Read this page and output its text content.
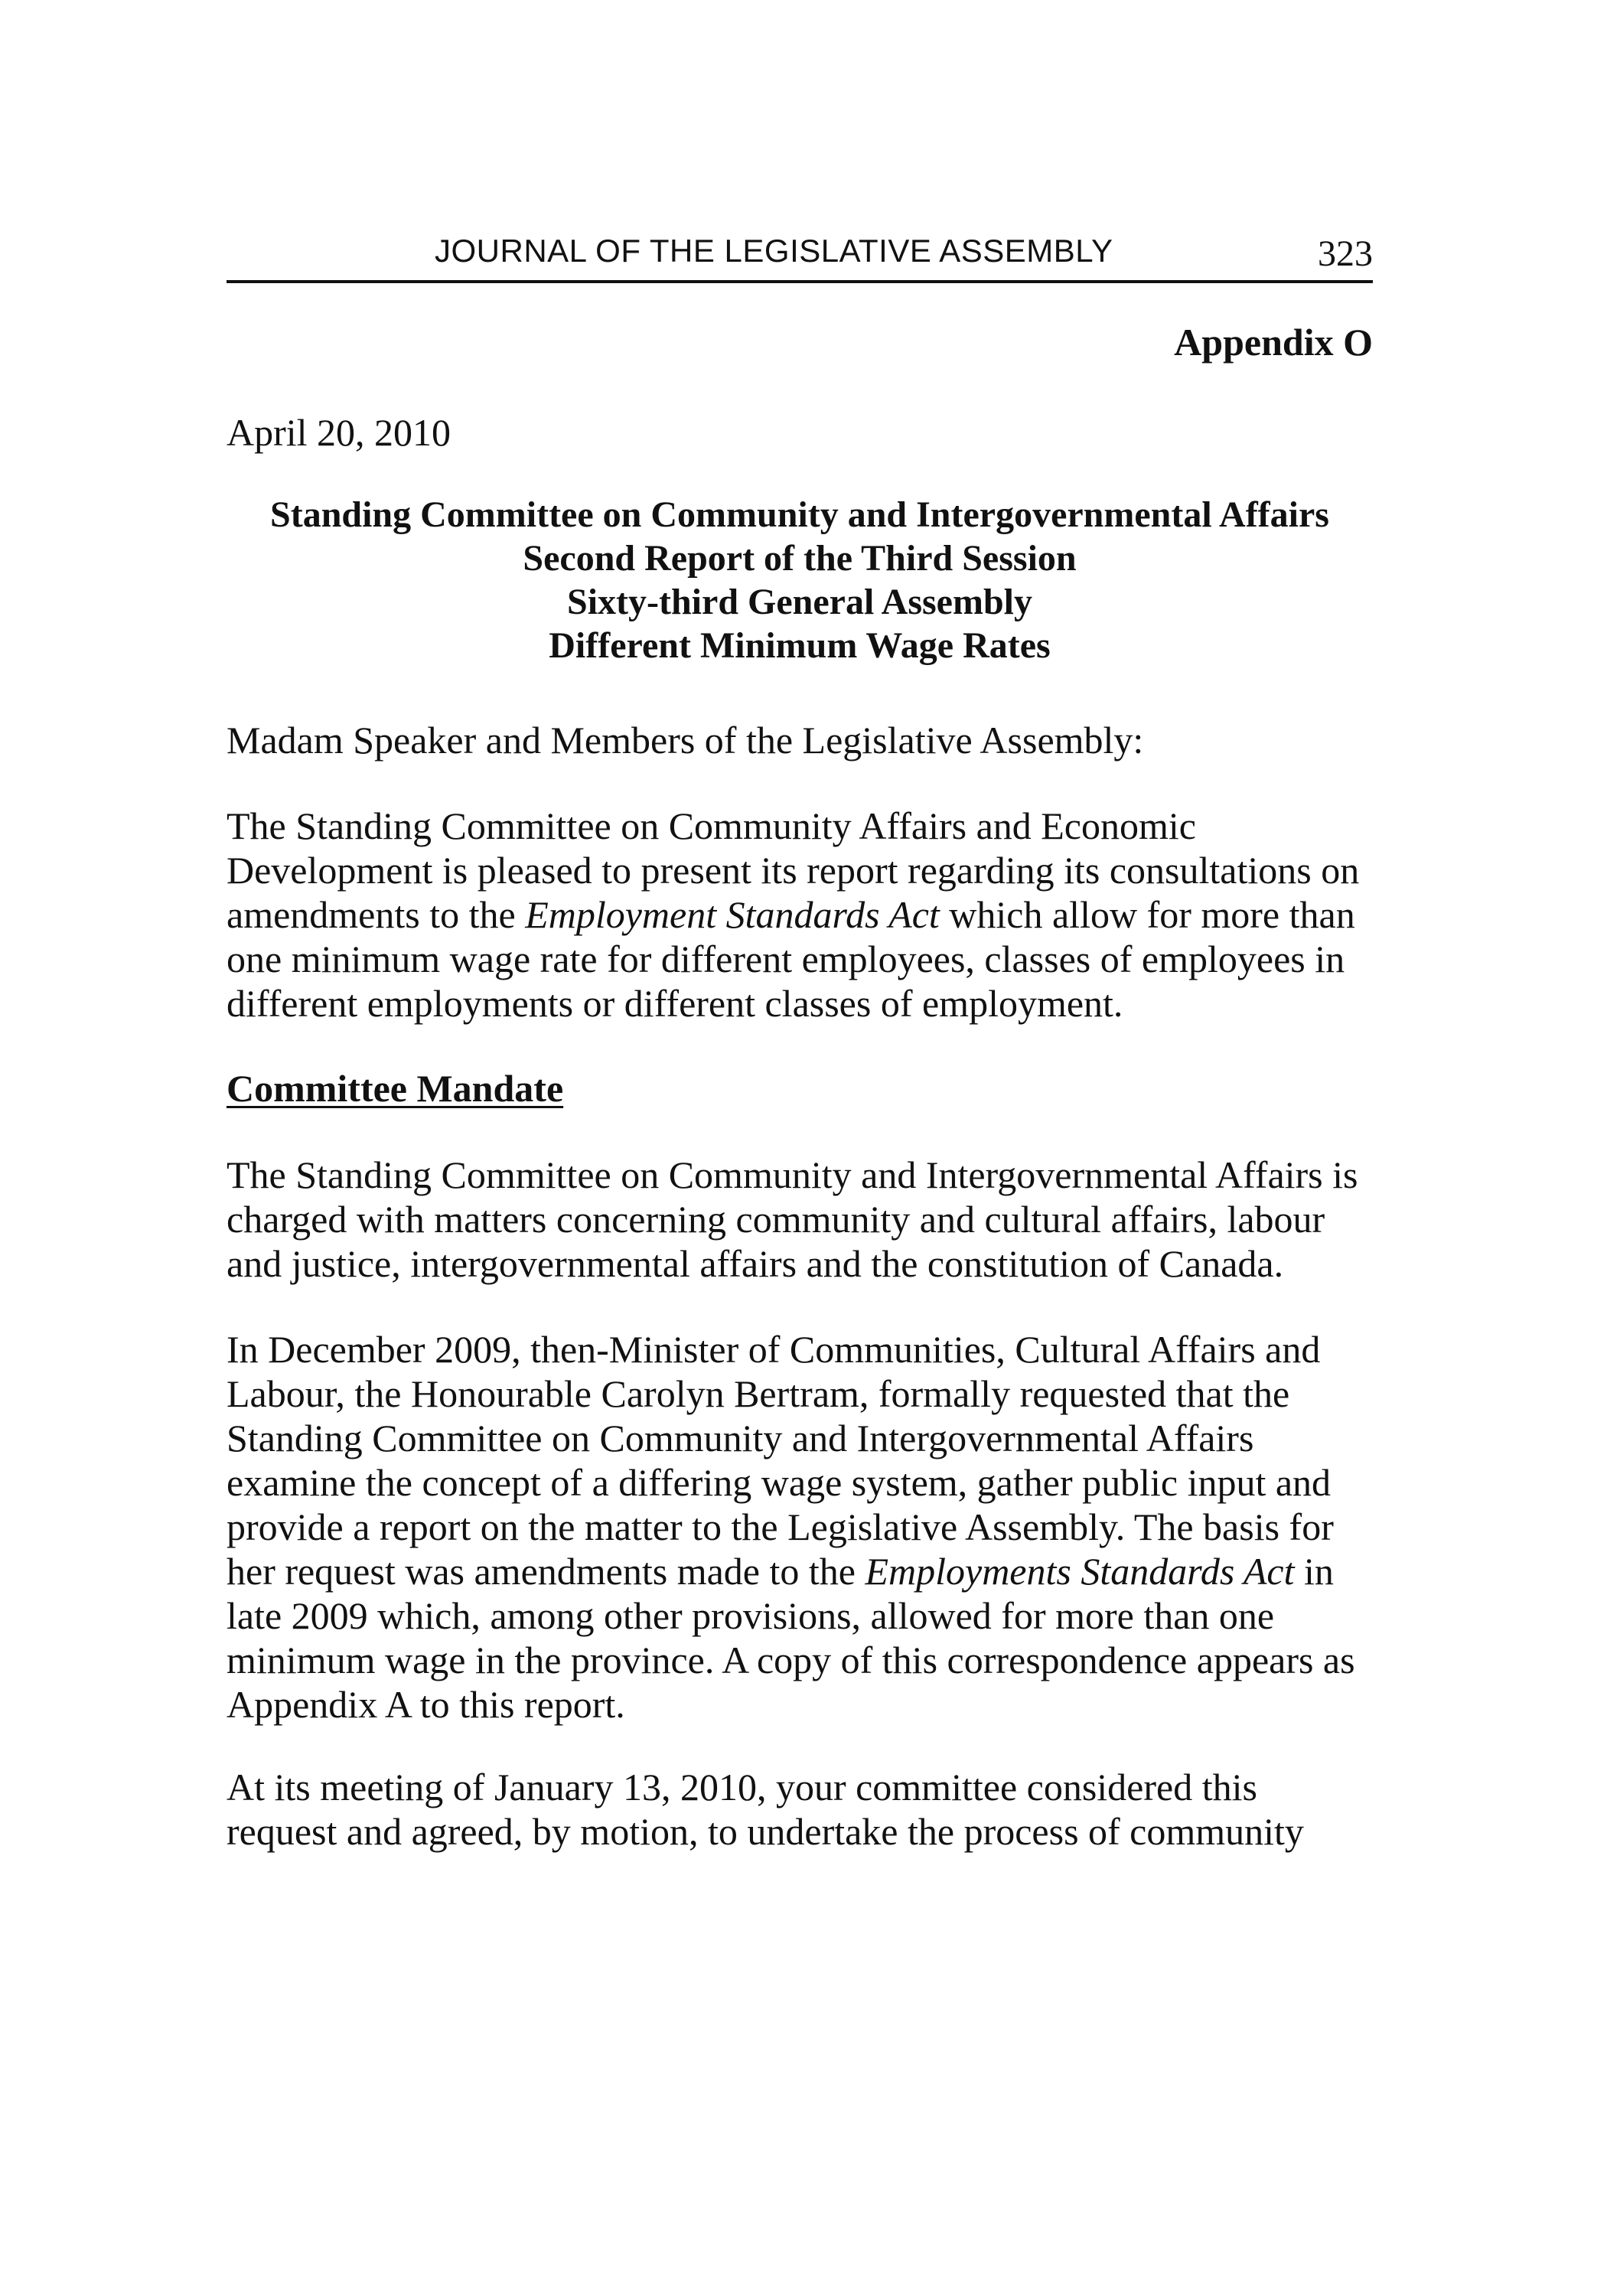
JOURNAL OF THE LEGISLATIVE ASSEMBLY	323
Appendix O
April 20, 2010
Standing Committee on Community and Intergovernmental Affairs
Second Report of the Third Session
Sixty-third General Assembly
Different Minimum Wage Rates

Madam Speaker and Members of the Legislative Assembly:

The Standing Committee on Community Affairs and Economic
Development is pleased to present its report regarding its consultations on
amendments to the Employment Standards Act which allow for more than
one minimum wage rate for different employees, classes of employees in
different employments or different classes of employment.

Committee Mandate

The Standing Committee on Community and Intergovernmental Affairs is
charged with matters concerning community and cultural affairs, labour
and justice, intergovernmental affairs and the constitution of Canada.

In December 2009, then-Minister of Communities, Cultural Affairs and
Labour, the Honourable Carolyn Bertram, formally requested that the
Standing Committee on Community and Intergovernmental Affairs
examine the concept of a differing wage system, gather public input and
provide a report on the matter to the Legislative Assembly. The basis for
her request was amendments made to the Employments Standards Act in
late 2009 which, among other provisions, allowed for more than one
minimum wage in the province. A copy of this correspondence appears as
Appendix A to this report.

At its meeting of January 13, 2010, your committee considered this
request and agreed, by motion, to undertake the process of community
